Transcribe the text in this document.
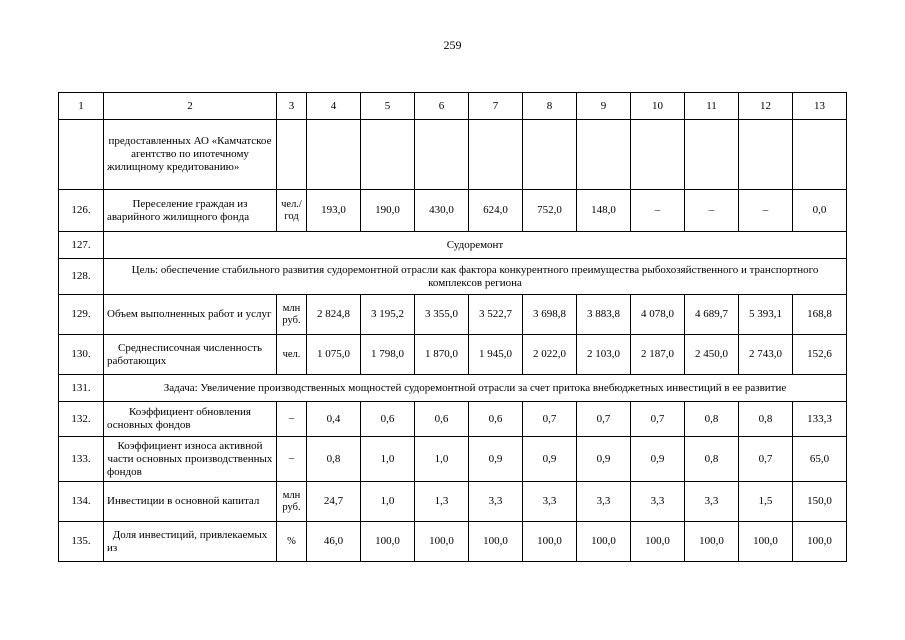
259
1	2	3	4	5	6	7	8	9	10	11	12	13
	предоставленных АО «Камчатское агентство по ипотечному жилищному кредитованию»											
126.	Переселение граждан из аварийного жилищного фонда	чел./ год	193,0	190,0	430,0	624,0	752,0	148,0	–	–	–	0,0
127.	Судоремонт											
128.	Цель: обеспечение стабильного развития судоремонтной отрасли как фактора конкурентного преимущества рыбохозяйственного и транспортного комплексов региона											
129.	Объем выполненных работ и услуг	млн руб.	2 824,8	3 195,2	3 355,0	3 522,7	3 698,8	3 883,8	4 078,0	4 689,7	5 393,1	168,8
130.	Среднесписочная численность работающих	чел.	1 075,0	1 798,0	1 870,0	1 945,0	2 022,0	2 103,0	2 187,0	2 450,0	2 743,0	152,6
131.	Задача: Увеличение производственных мощностей судоремонтной отрасли за счет притока внебюджетных инвестиций в ее развитие											
132.	Коэффициент обновления основных фондов	–	0,4	0,6	0,6	0,6	0,7	0,7	0,7	0,8	0,8	133,3
133.	Коэффициент износа активной части основных производственных фондов	–	0,8	1,0	1,0	0,9	0,9	0,9	0,9	0,8	0,7	65,0
134.	Инвестиции в основной капитал	млн руб.	24,7	1,0	1,3	3,3	3,3	3,3	3,3	3,3	1,5	150,0
135.	Доля инвестиций, привлекаемых из	%	46,0	100,0	100,0	100,0	100,0	100,0	100,0	100,0	100,0	100,0
